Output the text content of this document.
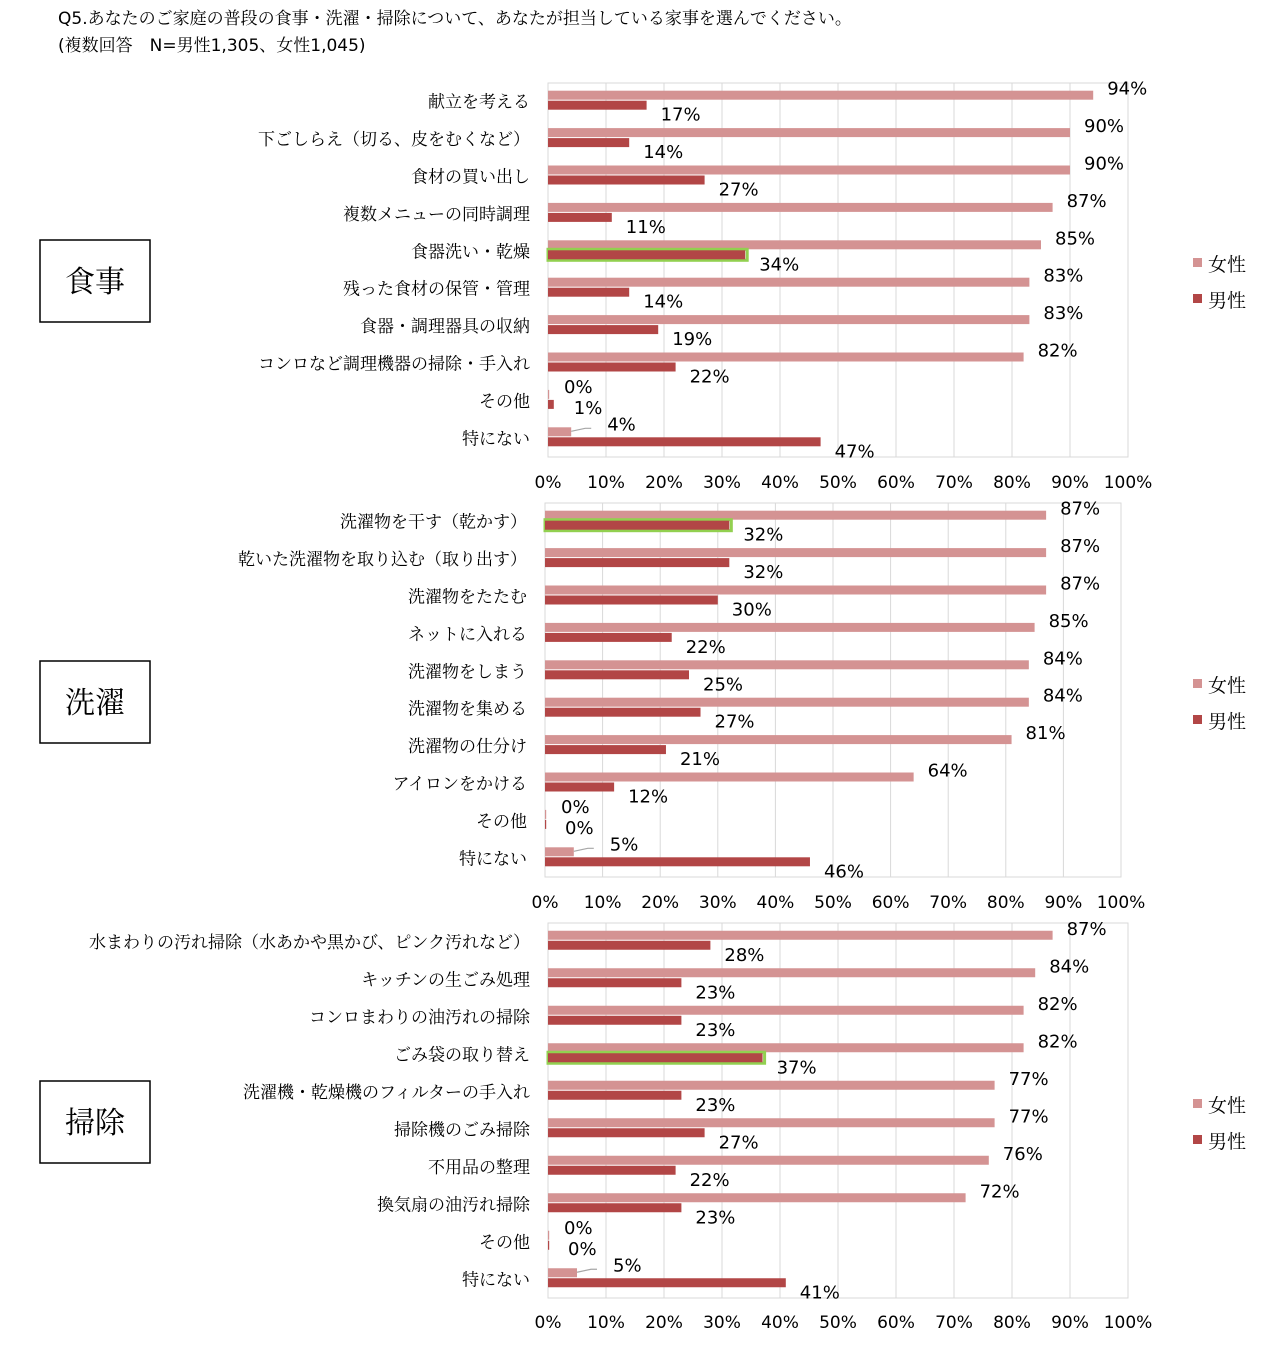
Q5.あなたのご家庭の普段の食事・洗濯・掃除について、あなたが担当している家事を選んでください。
(複数回答　N=男性1,305、女性1,045)
0% 10% 20% 30% 40% 50% 60% 70% 80% 90% 100%
食事	女性
男性
献立を考える
94%
17%
下ごしらえ（切る、皮をむくなど）
90%
14%
食材の買い出し
90%
27%
複数メニューの同時調理
87%
11%
食器洗い・乾燥
85%
34%
残った食材の保管・管理
83%
14%
食器・調理器具の収納
83%
19%
コンロなど調理機器の掃除・手入れ
82%
22%
その他
0%
1%
特にない
4%
47%
0% 10% 20% 30% 40% 50% 60% 70% 80% 90% 100%
洗濯	女性
男性
洗濯物を干す（乾かす）
87%
32%
乾いた洗濯物を取り込む（取り出す）
87%
32%
洗濯物をたたむ
87%
30%
ネットに入れる
85%
22%
洗濯物をしまう
84%
25%
洗濯物を集める
84%
27%
洗濯物の仕分け
81%
21%
アイロンをかける
64%
12%
その他
0%
0%
特にない
5%
46%
0% 10% 20% 30% 40% 50% 60% 70% 80% 90% 100%
掃除	女性
男性
水まわりの汚れ掃除（水あかや黒かび、ピンク汚れなど）
87%
28%
キッチンの生ごみ処理
84%
23%
コンロまわりの油汚れの掃除
82%
23%
ごみ袋の取り替え
82%
37%
洗濯機・乾燥機のフィルターの手入れ
77%
23%
掃除機のごみ掃除
77%
27%
不用品の整理
76%
22%
換気扇の油汚れ掃除
72%
23%
その他
0%
0%
特にない
5%
41%
